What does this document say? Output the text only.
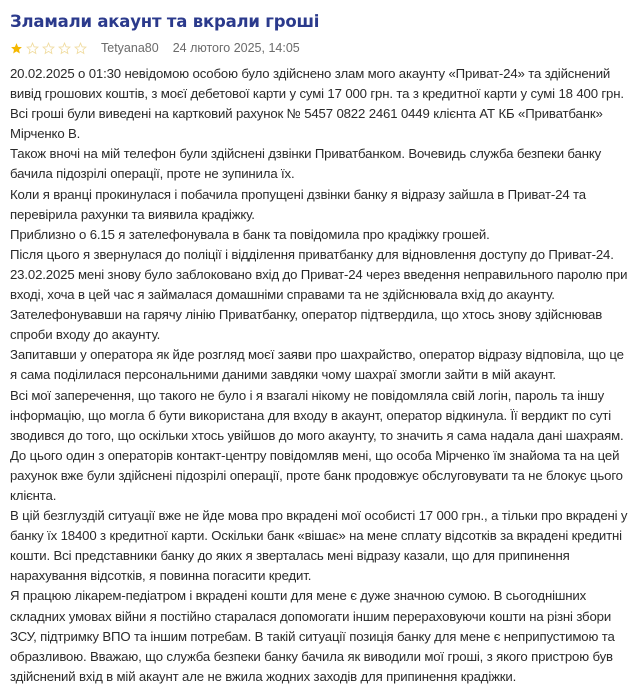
Зламали акаунт та вкрали гроші
Tetyana80 24 лютого 2025, 14:05

20.02.2025 о 01:30 невідомою особою було здійснено злам мого акаунту «Приват-24» та здійснений вивід грошових коштів, з моєї дебетової карти у сумі 17 000 грн. та з кредитної карти у сумі 18 400 грн.

Всі гроші були виведені на картковий рахунок № 5457 0822 2461 0449 клієнта АТ КБ «Приватбанк» Мірченко В.

Також вночі на мій телефон були здійснені дзвінки Приватбанком. Вочевидь служба безпеки банку бачила підозрілі операції, проте не зупинила їх.

Коли я вранці прокинулася і побачила пропущені дзвінки банку я відразу зайшла в Приват-24 та перевірила рахунки та виявила крадіжку.

Приблизно о 6.15 я зателефонувала в банк та повідомила про крадіжку грошей.

Після цього я звернулася до поліції і відділення приватбанку для відновлення доступу до Приват-24.

23.02.2025 мені знову було заблоковано вхід до Приват-24 через введення неправильного паролю при вході, хоча в цей час я займалася домашніми справами та не здійснювала вхід до акаунту.

Зателефонувавши на гарячу лінію Приватбанку, оператор підтвердила, що хтось знову здійснював спроби входу до акаунту.

Запитавши у оператора як йде розгляд моєї заяви про шахрайство, оператор відразу відповіла, що це я сама поділилася персональними даними завдяки чому шахраї змогли зайти в мій акаунт.

Всі мої заперечення, що такого не було і я взагалі нікому не повідомляла свій логін, пароль та іншу інформацію, що могла б бути використана для входу в акаунт, оператор відкинула. Її вердикт по суті зводився до того, що оскільки хтось увійшов до мого акаунту, то значить я сама надала дані шахраям.

До цього один з операторів контакт-центру повідомляв мені, що особа Мірченко їм знайома та на цей рахунок вже були здійснені підозрілі операції, проте банк продовжує обслуговувати та не блокує цього клієнта.

В цій безглуздій ситуації вже не йде мова про вкрадені мої особисті 17 000 грн., а тільки про вкрадені у банку їх 18400 з кредитної карти. Оскільки банк «вішає» на мене сплату відсотків за вкрадені кредитні кошти. Всі представники банку до яких я зверталась мені відразу казали, що для припинення нарахування відсотків, я повинна погасити кредит.

Я працюю лікарем-педіатром і вкрадені кошти для мене є дуже значною сумою. В сьогоднішних складних умовах війни я постійно старалася допомогати іншим перераховуючи кошти на різні збори ЗСУ, підтримку ВПО та іншим потребам. В такій ситуації позиція банку для мене є неприпустимою та образливою. Вважаю, що служба безпеки банку бачила як виводили мої гроші, з якого пристрою був здійснений вхід в мій акаунт але не вжила жодних заходів для припинення крадіжки.
